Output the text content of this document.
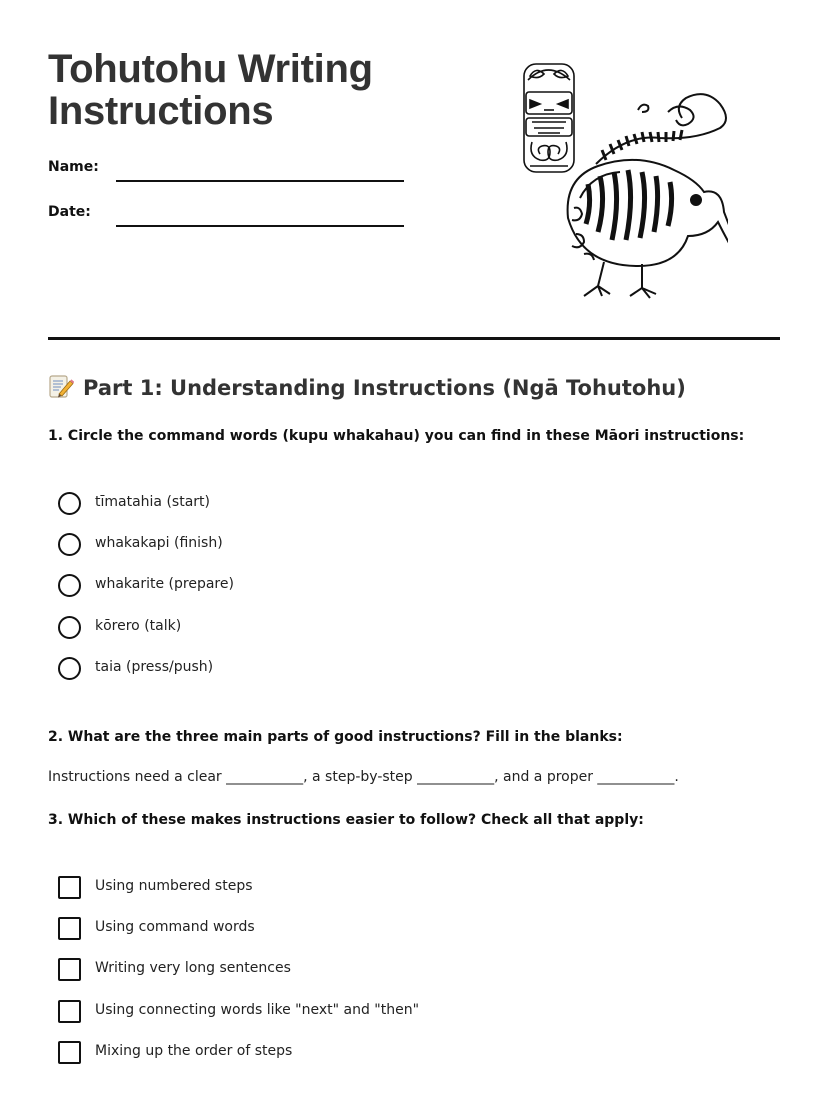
Tohutohu Writing Instructions
Name:
Date:
Part 1: Understanding Instructions (Ngā Tohutohu)

1. Circle the command words (kupu whakahau) you can find in these Māori instructions:

tīmatahia (start)
whakakapi (finish)
whakarite (prepare)
kōrero (talk)
taia (press/push)

2. What are the three main parts of good instructions? Fill in the blanks:

Instructions need a clear ___________, a step-by-step ___________, and a proper ___________.

3. Which of these makes instructions easier to follow? Check all that apply:

Using numbered steps
Using command words
Writing very long sentences
Using connecting words like "next" and "then"
Mixing up the order of steps
